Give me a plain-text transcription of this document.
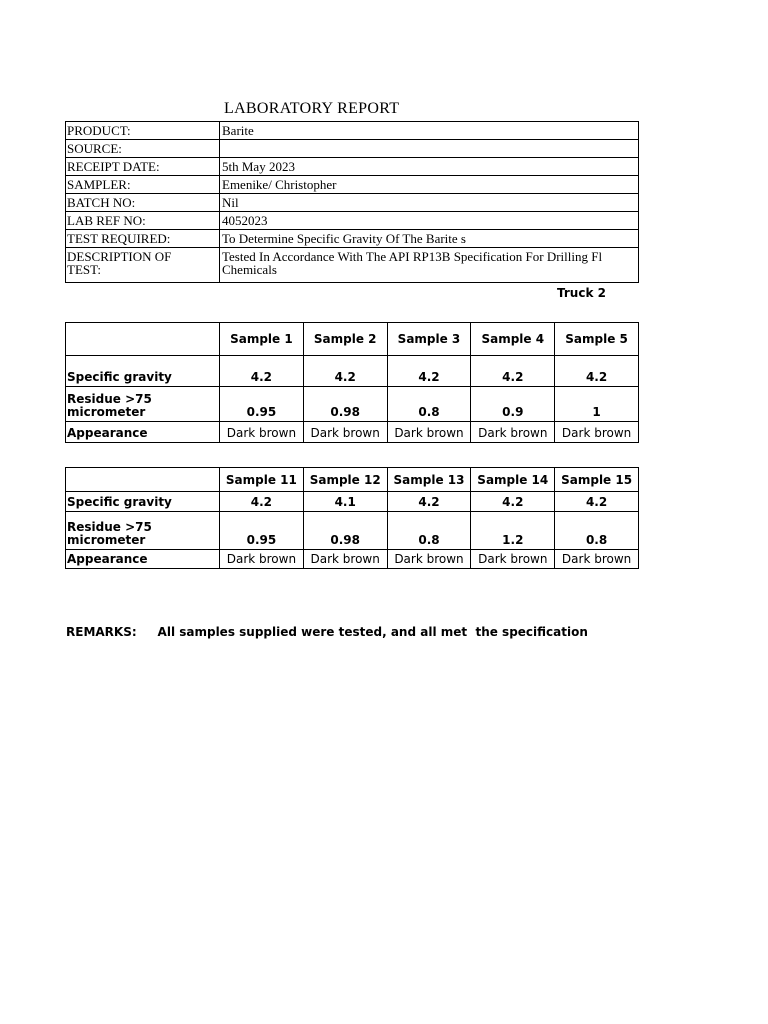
LABORATORY REPORT
PRODUCT:	Barite
SOURCE:	
RECEIPT DATE:	5th May 2023
SAMPLER:	Emenike/ Christopher
BATCH NO:	Nil
LAB REF NO:	4052023
TEST REQUIRED:	To Determine Specific Gravity Of The Barite s
DESCRIPTION OF
TEST:	Tested In Accordance With The API RP13B Specification For Drilling Fl
Chemicals
Truck 2
	Sample 1	Sample 2	Sample 3	Sample 4	Sample 5
Specific gravity	4.2	4.2	4.2	4.2	4.2
Residue >75
micrometer	0.95	0.98	0.8	0.9	1
Appearance	Dark brown	Dark brown	Dark brown	Dark brown	Dark brown
	Sample 11	Sample 12	Sample 13	Sample 14	Sample 15
Specific gravity	4.2	4.1	4.2	4.2	4.2
Residue >75
micrometer	0.95	0.98	0.8	1.2	0.8
Appearance	Dark brown	Dark brown	Dark brown	Dark brown	Dark brown
REMARKS: All samples supplied were tested, and all met  the specification
